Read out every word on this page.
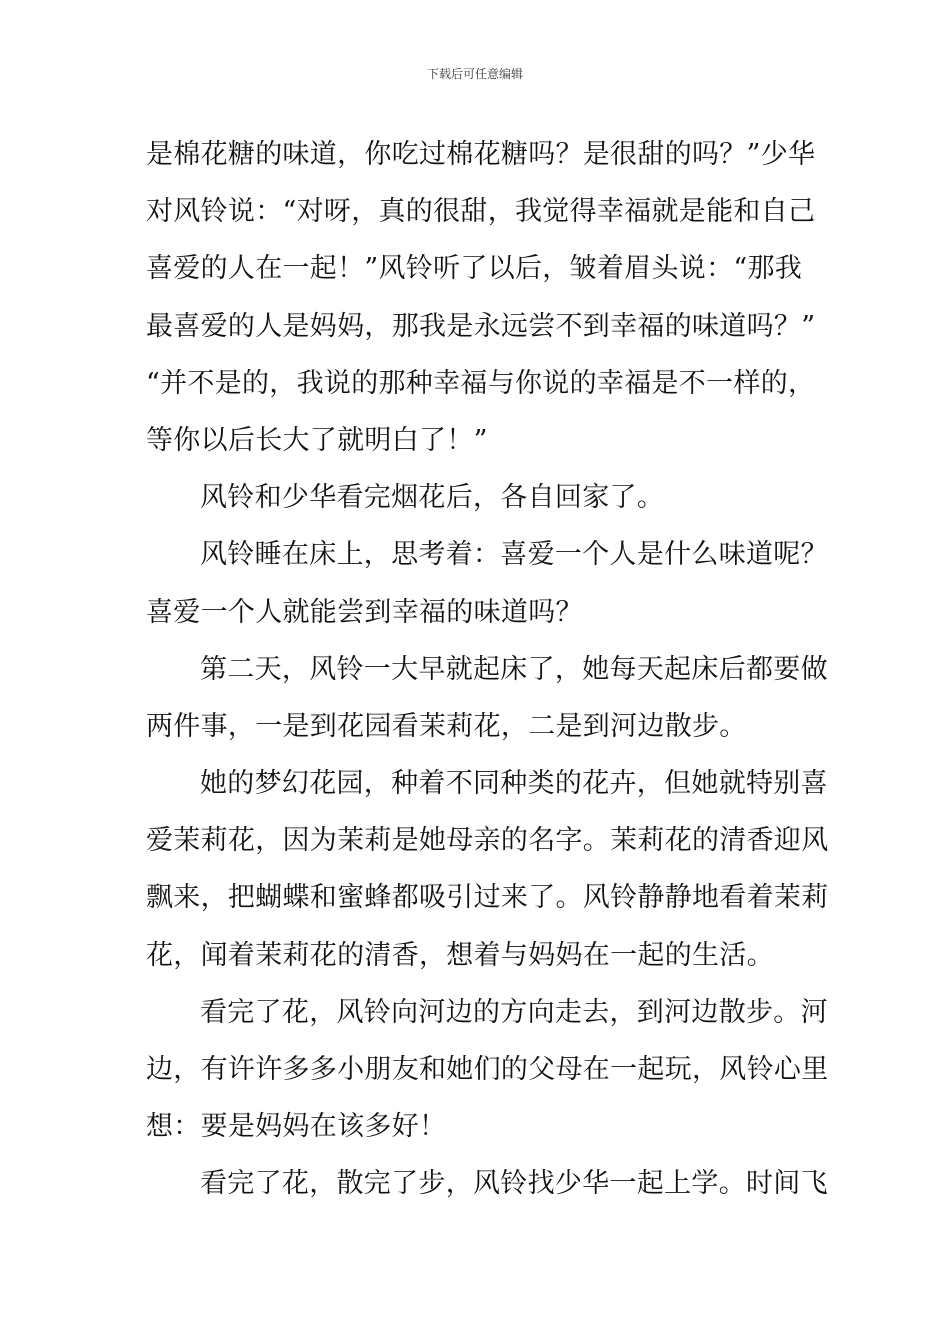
下载后可任意编辑
是棉花糖的味道，你吃过棉花糖吗？是很甜的吗？”少华
对风铃说：“对呀，真的很甜，我觉得幸福就是能和自己
喜爱的人在一起！”风铃听了以后，皱着眉头说：“那我
最喜爱的人是妈妈，那我是永远尝不到幸福的味道吗？”
“并不是的，我说的那种幸福与你说的幸福是不一样的，
等你以后长大了就明白了！”
风铃和少华看完烟花后，各自回家了。
风铃睡在床上，思考着：喜爱一个人是什么味道呢？
喜爱一个人就能尝到幸福的味道吗？
第二天，风铃一大早就起床了，她每天起床后都要做
两件事，一是到花园看茉莉花，二是到河边散步。
她的梦幻花园，种着不同种类的花卉，但她就特别喜
爱茉莉花，因为茉莉是她母亲的名字。茉莉花的清香迎风
飘来，把蝴蝶和蜜蜂都吸引过来了。风铃静静地看着茉莉
花，闻着茉莉花的清香，想着与妈妈在一起的生活。
看完了花，风铃向河边的方向走去，到河边散步。河
边，有许许多多小朋友和她们的父母在一起玩，风铃心里
想：要是妈妈在该多好！
看完了花，散完了步，风铃找少华一起上学。时间飞
